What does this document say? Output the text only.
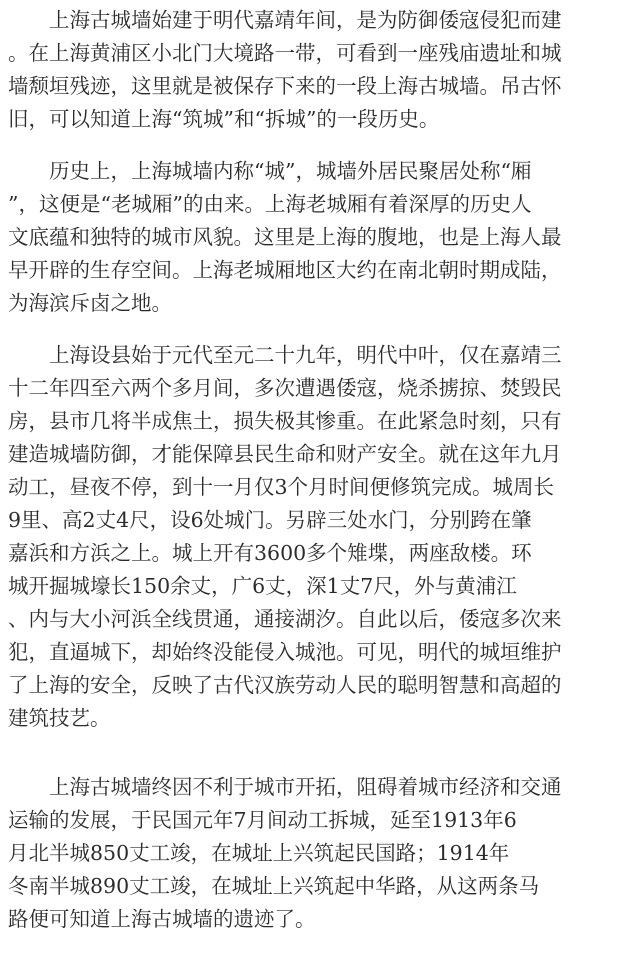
　　上海古城墙始建于明代嘉靖年间，是为防御倭寇侵犯而建
。在上海黄浦区小北门大境路一带，可看到一座残庙遗址和城
墙颓垣残迹，这里就是被保存下来的一段上海古城墙。吊古怀
旧，可以知道上海“筑城”和“拆城”的一段历史。
　　历史上，上海城墙内称“城”，城墙外居民聚居处称“厢
”，这便是“老城厢”的由来。上海老城厢有着深厚的历史人
文底蕴和独特的城市风貌。这里是上海的腹地，也是上海人最
早开辟的生存空间。上海老城厢地区大约在南北朝时期成陆，
为海滨斥卤之地。
　　上海设县始于元代至元二十九年，明代中叶，仅在嘉靖三
十二年四至六两个多月间，多次遭遇倭寇，烧杀掳掠、焚毁民
房，县市几将半成焦土，损失极其惨重。在此紧急时刻，只有
建造城墙防御，才能保障县民生命和财产安全。就在这年九月
动工，昼夜不停，到十一月仅3个月时间便修筑完成。城周长
9里、高2丈4尺，设6处城门。另辟三处水门，分别跨在肇
嘉浜和方浜之上。城上开有3600多个雉堞，两座敌楼。环
城开掘城壕长150余丈，广6丈，深1丈7尺，外与黄浦江
、内与大小河浜全线贯通，通接湖汐。自此以后，倭寇多次来
犯，直逼城下，却始终没能侵入城池。可见，明代的城垣维护
了上海的安全，反映了古代汉族劳动人民的聪明智慧和高超的
建筑技艺。
　　上海古城墙终因不利于城市开拓，阻碍着城市经济和交通
运输的发展，于民国元年7月间动工拆城，延至1913年6
月北半城850丈工竣，在城址上兴筑起民国路；1914年
冬南半城890丈工竣，在城址上兴筑起中华路，从这两条马
路便可知道上海古城墙的遗迹了。
